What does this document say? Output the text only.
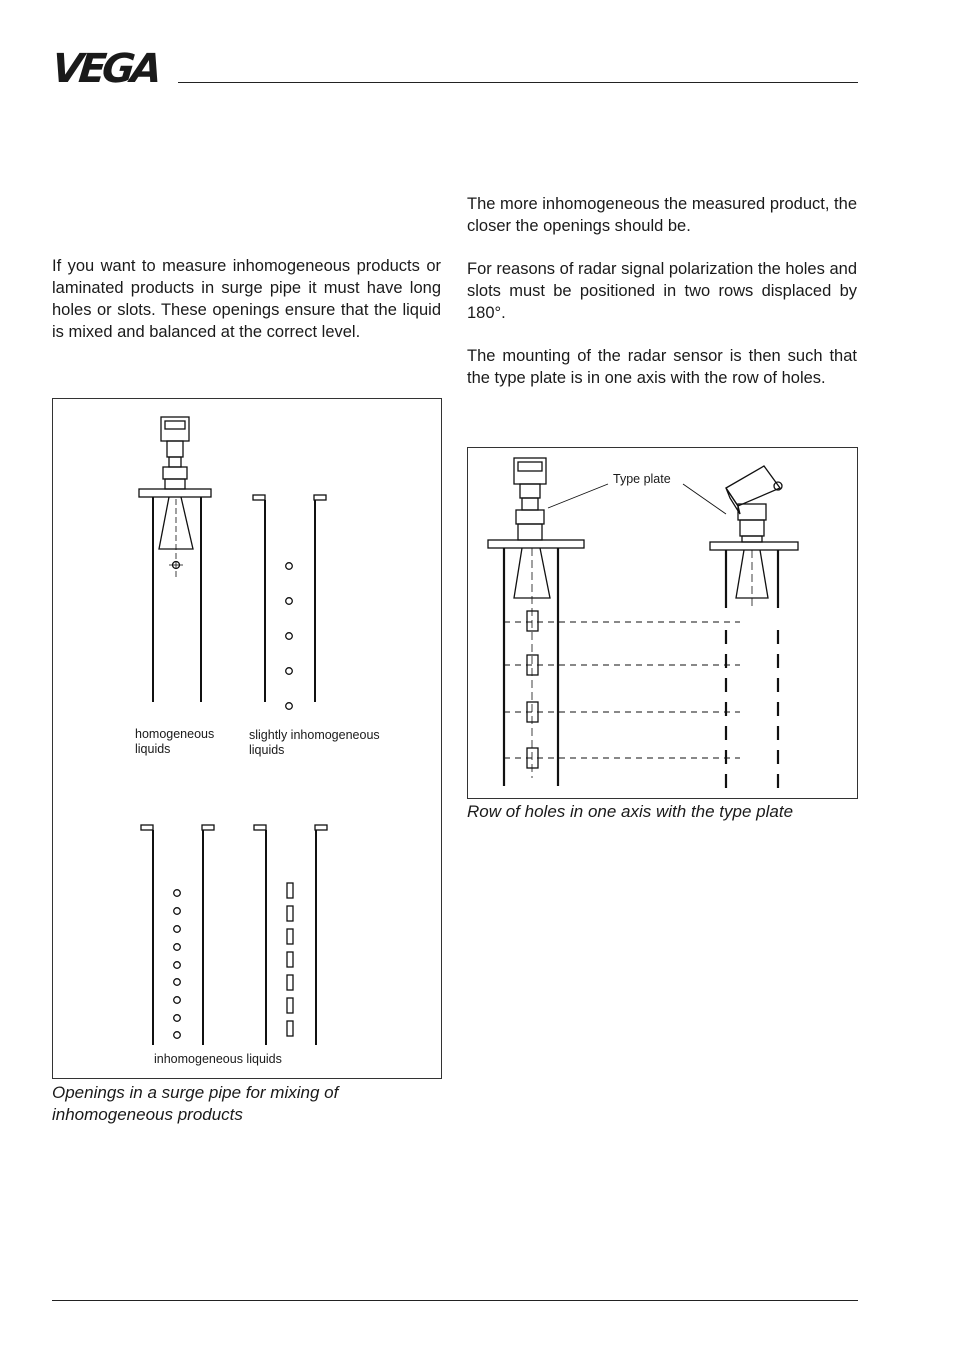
VEGA

If you want to measure inhomogeneous products or laminated products in surge pipe it must have long holes or slots. These openings ensure that the liquid is mixed and balanced at the correct level.

The more inhomogeneous the measured product, the closer the openings should be.

For reasons of radar signal polarization the holes and slots must be positioned in two rows displaced by 180°.

The mounting of the radar sensor is then such that the type plate is in one axis with the row of holes.

homogeneous liquids
slightly inhomogeneous liquids
inhomogeneous liquids

Openings in a surge pipe for mixing of inhomogeneous products

Type plate

Row of holes in one axis with the type plate
